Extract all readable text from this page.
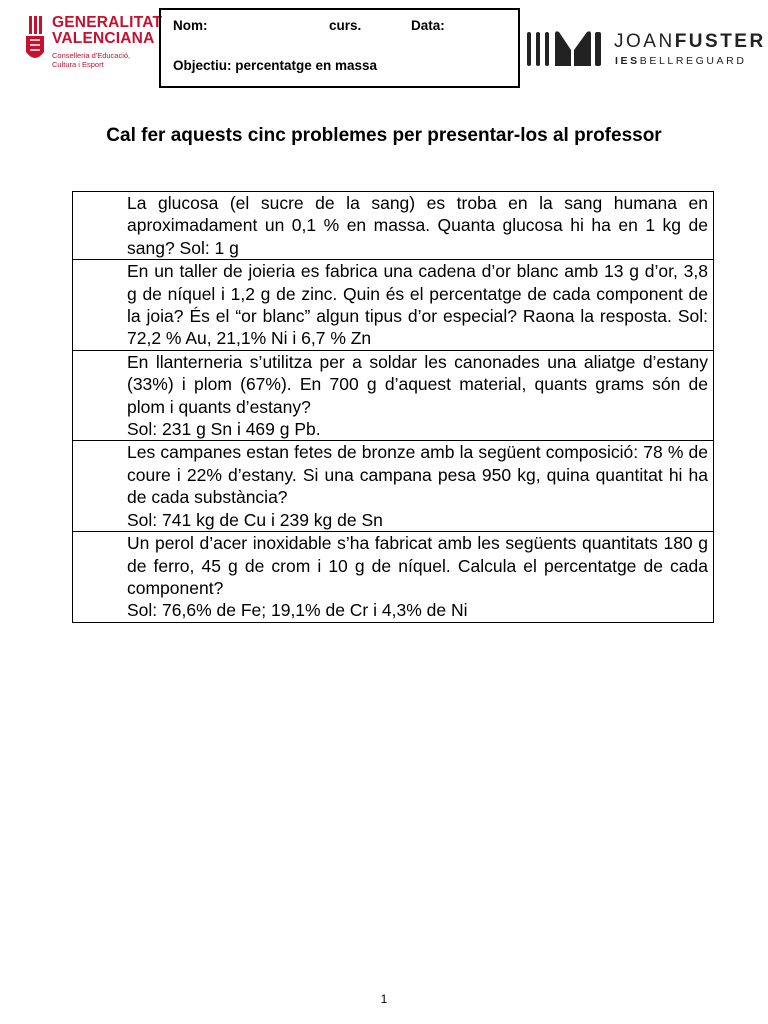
GENERALITAT
VALENCIANA
Conselleria d'Educació,
Cultura i Esport
Nom:	curs.	Data:
Objectiu: percentatge en massa
JOANFUSTER
IESBELLREGUARD
Cal fer aquests cinc problemes per presentar-los al professor
La glucosa (el sucre de la sang) es troba en la sang humana en aproximadament un 0,1 % en massa. Quanta glucosa hi ha en 1 kg de sang? Sol: 1 g
En un taller de joieria es fabrica una cadena d’or blanc amb 13 g d’or, 3,8 g de níquel i 1,2 g de zinc. Quin és el percentatge de cada component de la joia? És el “or blanc” algun tipus d’or especial? Raona la resposta. Sol: 72,2 % Au, 21,1% Ni i 6,7 % Zn

En llanterneria s’utilitza per a soldar les canonades una aliatge d’estany (33%) i plom (67%). En 700 g d’aquest material, quants grams són de plom i quants d’estany?
Sol: 231 g Sn i 469 g Pb.

Les campanes estan fetes de bronze amb la següent composició: 78 % de coure i 22% d’estany. Si una campana pesa 950 kg, quina quantitat hi ha de cada substància?
Sol: 741 kg de Cu i 239 kg de Sn

Un perol d’acer inoxidable s’ha fabricat amb les següents quantitats 180 g de ferro, 45 g de crom i 10 g de níquel. Calcula el percentatge de cada component?
Sol: 76,6% de Fe; 19,1% de Cr i 4,3% de Ni
1
